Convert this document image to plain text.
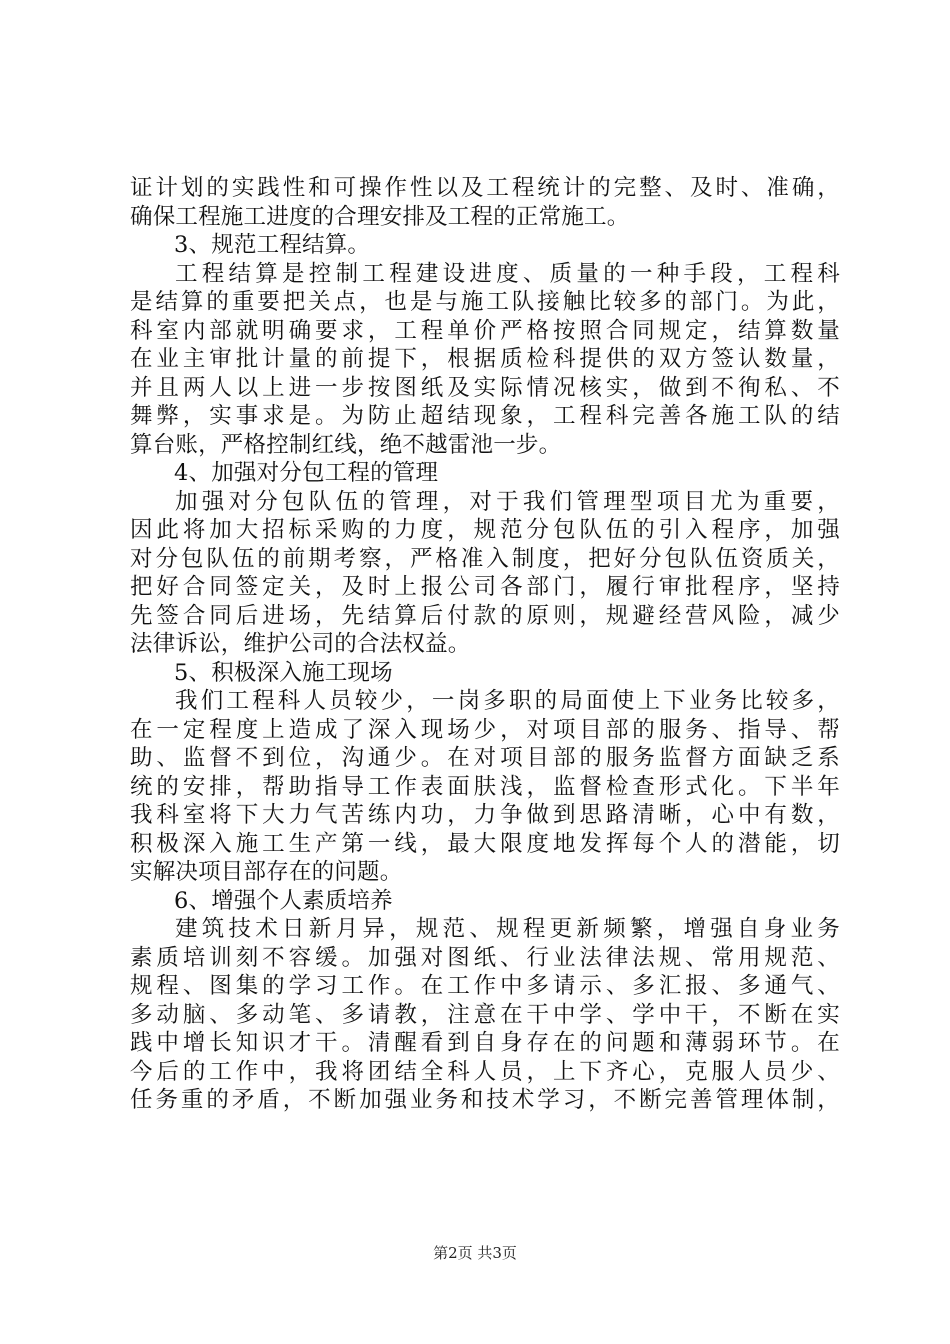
证计划的实践性和可操作性以及工程统计的完整、及时、准确，
确保工程施工进度的合理安排及工程的正常施工。
3、规范工程结算。
工程结算是控制工程建设进度、质量的一种手段，工程科
是结算的重要把关点，也是与施工队接触比较多的部门。为此，
科室内部就明确要求，工程单价严格按照合同规定，结算数量
在业主审批计量的前提下，根据质检科提供的双方签认数量，
并且两人以上进一步按图纸及实际情况核实，做到不徇私、不
舞弊，实事求是。为防止超结现象，工程科完善各施工队的结
算台账，严格控制红线，绝不越雷池一步。
4、加强对分包工程的管理
加强对分包队伍的管理，对于我们管理型项目尤为重要，
因此将加大招标采购的力度，规范分包队伍的引入程序，加强
对分包队伍的前期考察，严格准入制度，把好分包队伍资质关，
把好合同签定关，及时上报公司各部门，履行审批程序，坚持
先签合同后进场，先结算后付款的原则，规避经营风险，减少
法律诉讼，维护公司的合法权益。
5、积极深入施工现场
我们工程科人员较少，一岗多职的局面使上下业务比较多，
在一定程度上造成了深入现场少，对项目部的服务、指导、帮
助、监督不到位，沟通少。在对项目部的服务监督方面缺乏系
统的安排，帮助指导工作表面肤浅，监督检查形式化。下半年
我科室将下大力气苦练内功，力争做到思路清晰，心中有数，
积极深入施工生产第一线，最大限度地发挥每个人的潜能，切
实解决项目部存在的问题。
6、增强个人素质培养
建筑技术日新月异，规范、规程更新频繁，增强自身业务
素质培训刻不容缓。加强对图纸、行业法律法规、常用规范、
规程、图集的学习工作。在工作中多请示、多汇报、多通气、
多动脑、多动笔、多请教，注意在干中学、学中干，不断在实
践中增长知识才干。清醒看到自身存在的问题和薄弱环节。在
今后的工作中，我将团结全科人员，上下齐心，克服人员少、
任务重的矛盾，不断加强业务和技术学习，不断完善管理体制，
第2页 共3页
